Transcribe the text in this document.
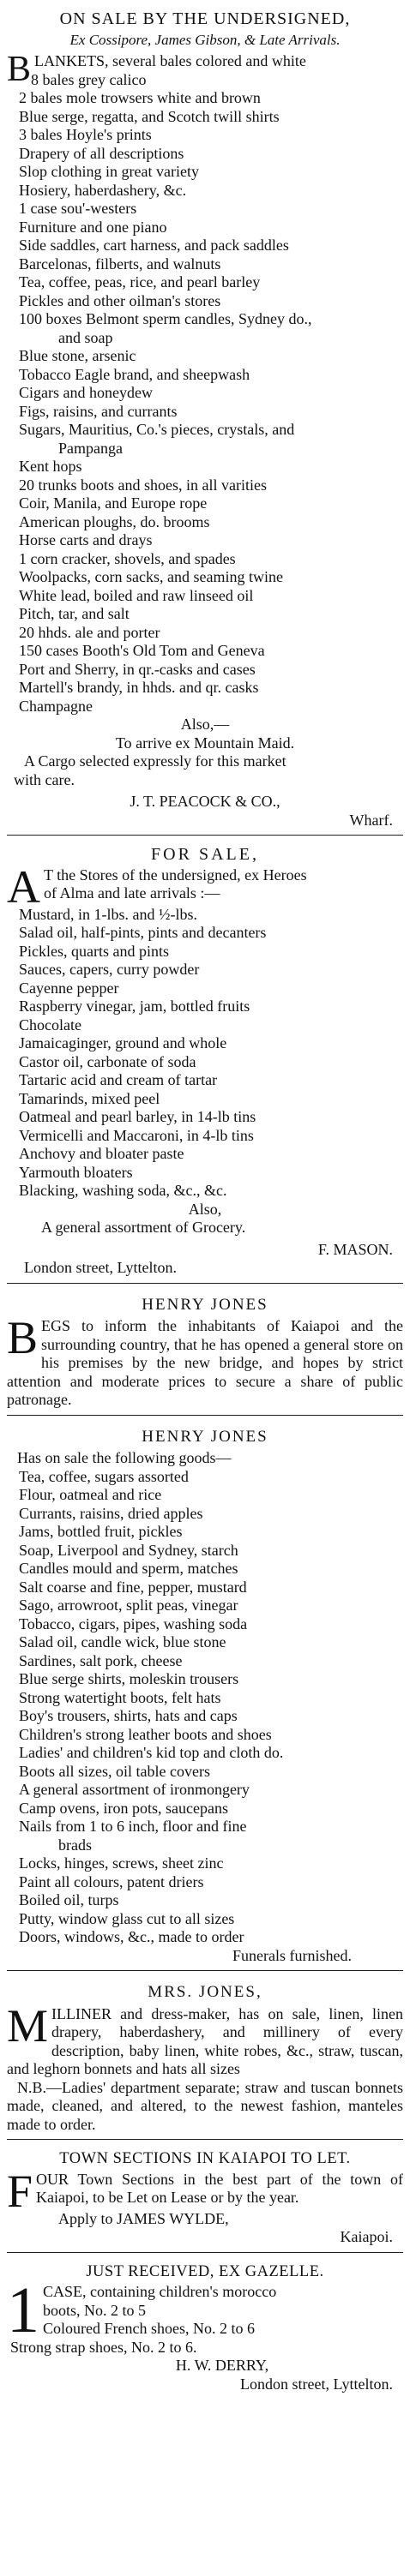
ON SALE BY THE UNDERSIGNED,
Ex Cossipore, James Gibson, & Late Arrivals.
BLANKETS, several bales colored and white
8 bales grey calico
2 bales mole trowsers white and brown
Blue serge, regatta, and Scotch twill shirts
3 bales Hoyle's prints
Drapery of all descriptions
Slop clothing in great variety
Hosiery, haberdashery, &c.
1 case sou'-westers
Furniture and one piano
Side saddles, cart harness, and pack saddles
Barcelonas, filberts, and walnuts
Tea, coffee, peas, rice, and pearl barley
Pickles and other oilman's stores
100 boxes Belmont sperm candles, Sydney do.,
and soap
Blue stone, arsenic
Tobacco Eagle brand, and sheepwash
Cigars and honeydew
Figs, raisins, and currants
Sugars, Mauritius, Co.'s pieces, crystals, and
Pampanga
Kent hops
20 trunks boots and shoes, in all varities
Coir, Manila, and Europe rope
American ploughs, do. brooms
Horse carts and drays
1 corn cracker, shovels, and spades
Woolpacks, corn sacks, and seaming twine
White lead, boiled and raw linseed oil
Pitch, tar, and salt
20 hhds. ale and porter
150 cases Booth's Old Tom and Geneva
Port and Sherry, in qr.-casks and cases
Martell's brandy, in hhds. and qr. casks
Champagne
Also,—
To arrive ex Mountain Maid.
A Cargo selected expressly for this market
with care.
J. T. PEACOCK & CO.,
Wharf.
FOR SALE,
A T the Stores of the undersigned, ex Heroes
of Alma and late arrivals :—
Mustard, in 1-lbs. and ½-lbs.
Salad oil, half-pints, pints and decanters
Pickles, quarts and pints
Sauces, capers, curry powder
Cayenne pepper
Raspberry vinegar, jam, bottled fruits
Chocolate
Jamaicaginger, ground and whole
Castor oil, carbonate of soda
Tartaric acid and cream of tartar
Tamarinds, mixed peel
Oatmeal and pearl barley, in 14-lb tins
Vermicelli and Maccaroni, in 4-lb tins
Anchovy and bloater paste
Yarmouth bloaters
Blacking, washing soda, &c., &c.
Also,
A general assortment of Grocery.
F. MASON.
London street, Lyttelton.
HENRY JONES
BEGS to inform the inhabitants of Kaiapoi and the surrounding country, that he has opened a general store on his premises by the new bridge, and hopes by strict attention and moderate prices to secure a share of public patronage.
HENRY JONES
Has on sale the following goods—
Tea, coffee, sugars assorted
Flour, oatmeal and rice
Currants, raisins, dried apples
Jams, bottled fruit, pickles
Soap, Liverpool and Sydney, starch
Candles mould and sperm, matches
Salt coarse and fine, pepper, mustard
Sago, arrowroot, split peas, vinegar
Tobacco, cigars, pipes, washing soda
Salad oil, candle wick, blue stone
Sardines, salt pork, cheese
Blue serge shirts, moleskin trousers
Strong watertight boots, felt hats
Boy's trousers, shirts, hats and caps
Children's strong leather boots and shoes
Ladies' and children's kid top and cloth do.
Boots all sizes, oil table covers
A general assortment of ironmongery
Camp ovens, iron pots, saucepans
Nails from 1 to 6 inch, floor and fine
brads
Locks, hinges, screws, sheet zinc
Paint all colours, patent driers
Boiled oil, turps
Putty, window glass cut to all sizes
Doors, windows, &c., made to order
Funerals furnished.
MRS. JONES,
MILLINER and dress-maker, has on sale, linen, linen drapery, haberdashery, and millinery of every description, baby linen, white robes, &c., straw, tuscan, and leghorn bonnets and hats all sizes
N.B.—Ladies' department separate; straw and tuscan bonnets made, cleaned, and altered, to the newest fashion, manteles made to order.
TOWN SECTIONS IN KAIAPOI TO LET.
FOUR Town Sections in the best part of the town of Kaiapoi, to be Let on Lease or by the year.
Apply to JAMES WYLDE,
Kaiapoi.
JUST RECEIVED, EX GAZELLE.
1 CASE, containing children's morocco
boots, No. 2 to 5
Coloured French shoes, No. 2 to 6
Strong strap shoes, No. 2 to 6.
H. W. DERRY,
London street, Lyttelton.
